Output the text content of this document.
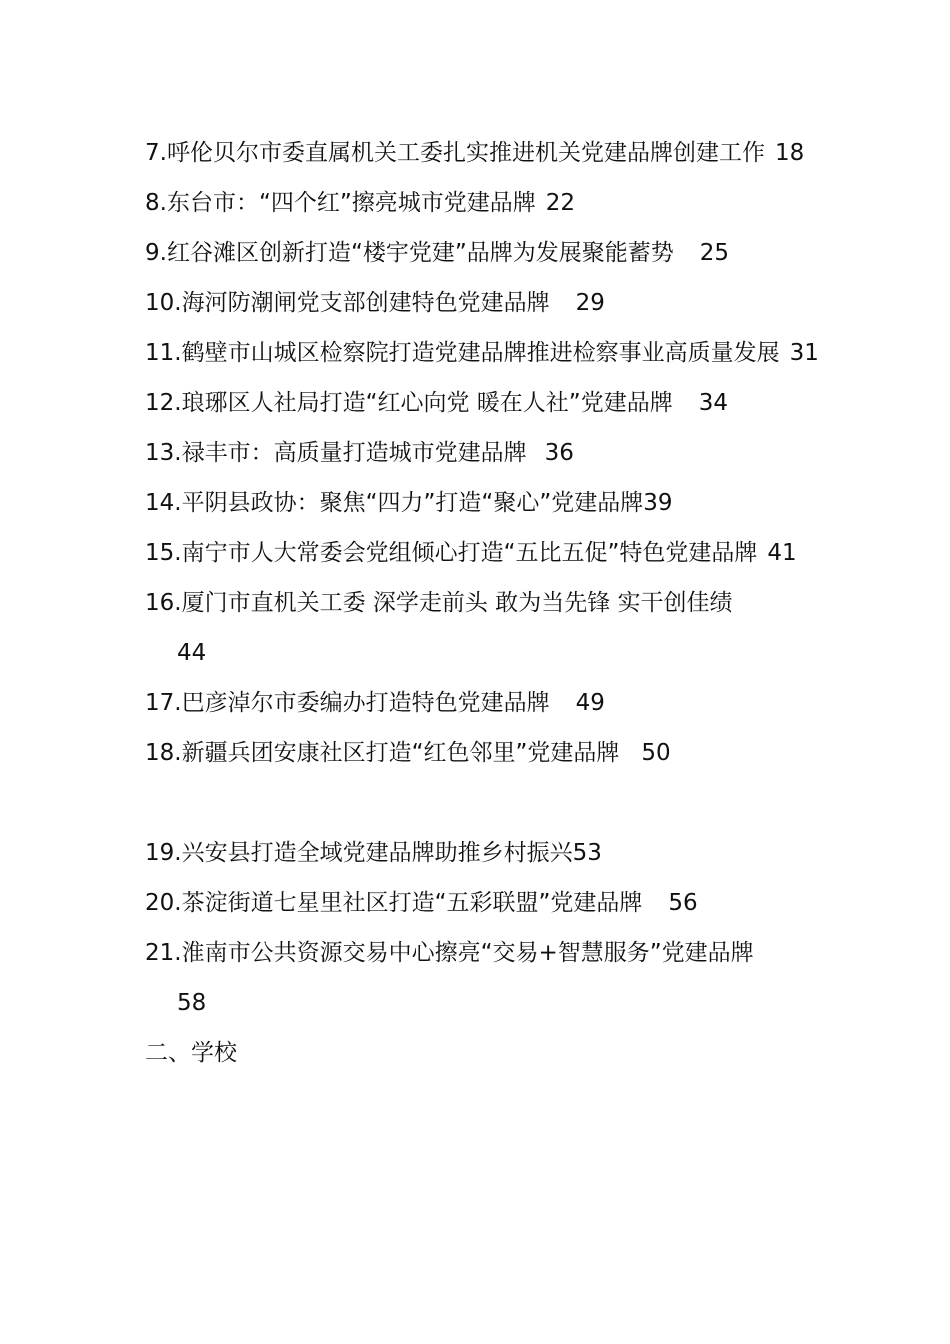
7.呼伦贝尔市委直属机关工委扎实推进机关党建品牌创建工作 18
8.东台市：“四个红”擦亮城市党建品牌 22
9.红谷滩区创新打造“楼宇党建”品牌为发展聚能蓄势 25
10.海河防潮闸党支部创建特色党建品牌 29
11.鹤壁市山城区检察院打造党建品牌推进检察事业高质量发展 31
12.琅琊区人社局打造“红心向党 暖在人社”党建品牌 34
13.禄丰市：高质量打造城市党建品牌 36
14.平阴县政协：聚焦“四力”打造“聚心”党建品牌39
15.南宁市人大常委会党组倾心打造“五比五促”特色党建品牌 41
16.厦门市直机关工委 深学走前头 敢为当先锋 实干创佳绩
44
17.巴彦淖尔市委编办打造特色党建品牌 49
18.新疆兵团安康社区打造“红色邻里”党建品牌 50
19.兴安县打造全域党建品牌助推乡村振兴53
20.茶淀街道七星里社区打造“五彩联盟”党建品牌 56
21.淮南市公共资源交易中心擦亮“交易+智慧服务”党建品牌
58
二、学校
